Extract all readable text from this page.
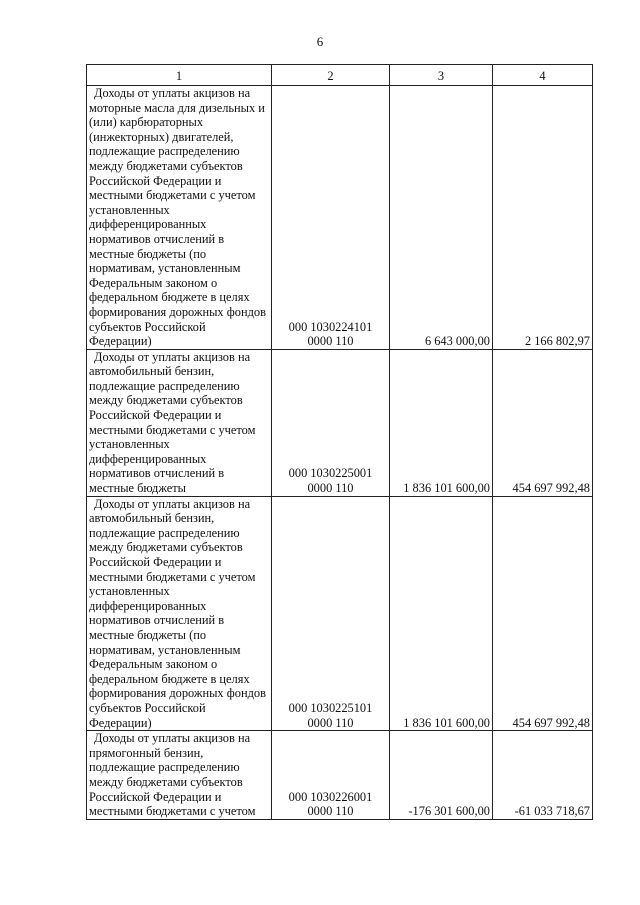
6
1	2	3	4

Доходы от уплаты акцизов на моторные масла для дизельных и (или) карбюраторных (инжекторных) двигателей, подлежащие распределению между бюджетами субъектов Российской Федерации и местными бюджетами с учетом установленных дифференцированных нормативов отчислений в местные бюджеты (по нормативам, установленным Федеральным законом о федеральном бюджете в целях формирования дорожных фондов субъектов Российской Федерации)	000 1030224101
0000 110	6 643 000,00	2 166 802,97

Доходы от уплаты акцизов на автомобильный бензин, подлежащие распределению между бюджетами субъектов Российской Федерации и местными бюджетами с учетом установленных дифференцированных нормативов отчислений в местные бюджеты	000 1030225001
0000 110	1 836 101 600,00	454 697 992,48

Доходы от уплаты акцизов на автомобильный бензин, подлежащие распределению между бюджетами субъектов Российской Федерации и местными бюджетами с учетом установленных дифференцированных нормативов отчислений в местные бюджеты (по нормативам, установленным Федеральным законом о федеральном бюджете в целях формирования дорожных фондов субъектов Российской Федерации)	000 1030225101
0000 110	1 836 101 600,00	454 697 992,48

Доходы от уплаты акцизов на прямогонный бензин, подлежащие распределению между бюджетами субъектов Российской Федерации и местными бюджетами с учетом	000 1030226001
0000 110	-176 301 600,00	-61 033 718,67
